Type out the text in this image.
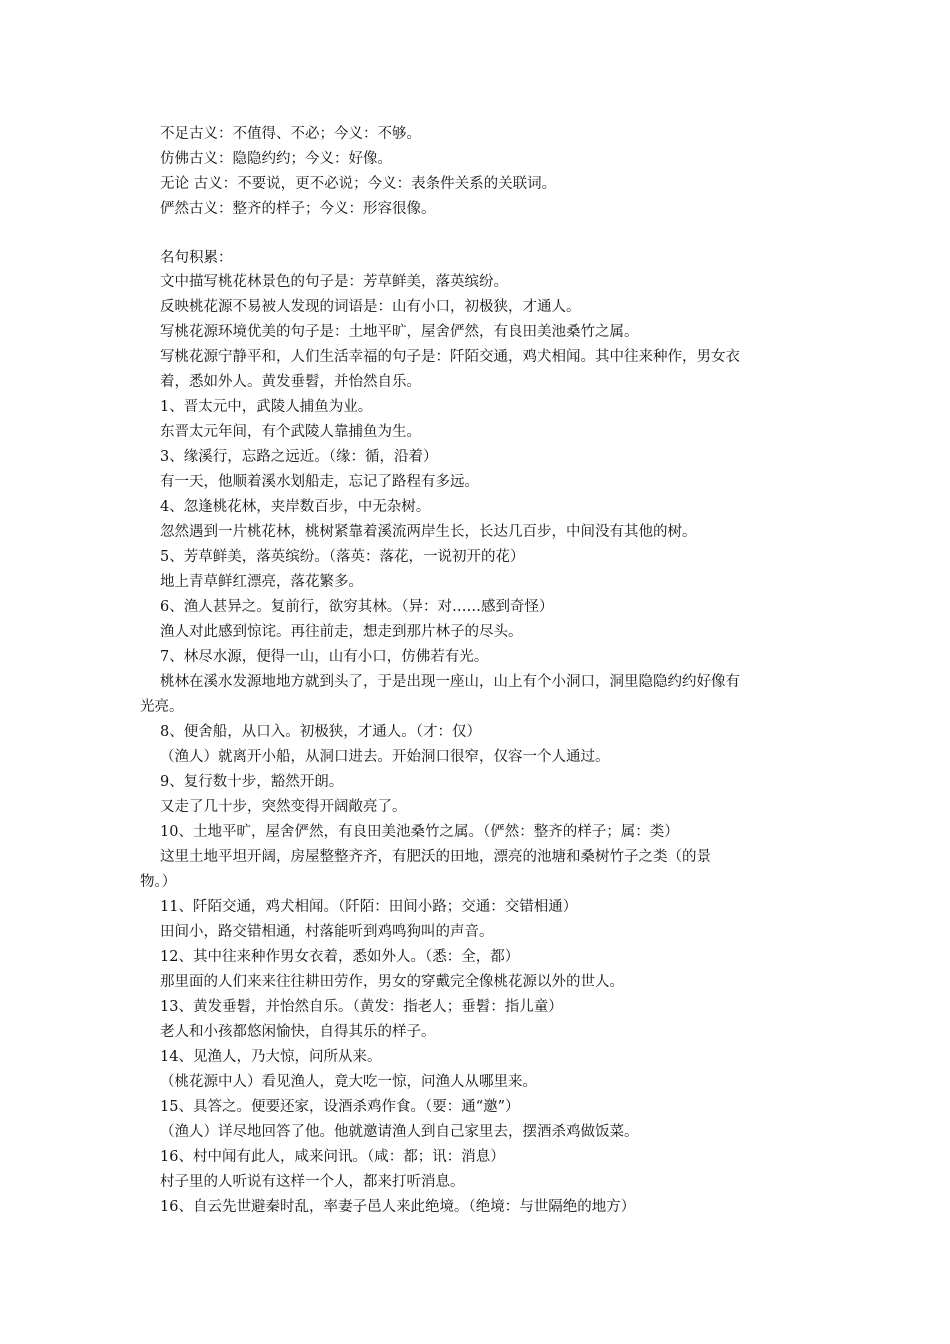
不足古义：不值得、不必；今义：不够。
仿佛古义：隐隐约约；今义：好像。
无论 古义：不要说，更不必说；今义：表条件关系的关联词。
俨然古义：整齐的样子；今义：形容很像。
名句积累：
文中描写桃花林景色的句子是：芳草鲜美，落英缤纷。
反映桃花源不易被人发现的词语是：山有小口，初极狭，才通人。
写桃花源环境优美的句子是：土地平旷，屋舍俨然，有良田美池桑竹之属。
写桃花源宁静平和，人们生活幸福的句子是：阡陌交通，鸡犬相闻。其中往来种作，男女衣
着，悉如外人。黄发垂髫，并怡然自乐。
1、晋太元中，武陵人捕鱼为业。
东晋太元年间，有个武陵人靠捕鱼为生。
3、缘溪行，忘路之远近。（缘：循，沿着）
有一天，他顺着溪水划船走，忘记了路程有多远。
4、忽逢桃花林，夹岸数百步，中无杂树。
忽然遇到一片桃花林，桃树紧靠着溪流两岸生长，长达几百步，中间没有其他的树。
5、芳草鲜美，落英缤纷。（落英：落花，一说初开的花）
地上青草鲜红漂亮，落花繁多。
6、渔人甚异之。复前行，欲穷其林。（异：对……感到奇怪）
渔人对此感到惊诧。再往前走，想走到那片林子的尽头。
7、林尽水源，便得一山，山有小口，仿佛若有光。
桃林在溪水发源地地方就到头了，于是出现一座山，山上有个小洞口，洞里隐隐约约好像有
光亮。
8、便舍船，从口入。初极狭，才通人。（才：仅）
（渔人）就离开小船，从洞口进去。开始洞口很窄，仅容一个人通过。
9、复行数十步，豁然开朗。
又走了几十步，突然变得开阔敞亮了。
10、土地平旷，屋舍俨然，有良田美池桑竹之属。（俨然：整齐的样子；属：类）
这里土地平坦开阔，房屋整整齐齐，有肥沃的田地，漂亮的池塘和桑树竹子之类（的景
物。）
11、阡陌交通，鸡犬相闻。（阡陌：田间小路；交通：交错相通）
田间小，路交错相通，村落能听到鸡鸣狗叫的声音。
12、其中往来种作男女衣着，悉如外人。（悉：全，都）
那里面的人们来来往往耕田劳作，男女的穿戴完全像桃花源以外的世人。
13、黄发垂髫，并怡然自乐。（黄发：指老人；垂髫：指儿童）
老人和小孩都悠闲愉快，自得其乐的样子。
14、见渔人，乃大惊，问所从来。
（桃花源中人）看见渔人，竟大吃一惊，问渔人从哪里来。
15、具答之。便要还家，设酒杀鸡作食。（要：通“邀”）
（渔人）详尽地回答了他。他就邀请渔人到自己家里去，摆酒杀鸡做饭菜。
16、村中闻有此人，咸来问讯。（咸：都；讯：消息）
村子里的人听说有这样一个人，都来打听消息。
16、自云先世避秦时乱，率妻子邑人来此绝境。（绝境：与世隔绝的地方）
